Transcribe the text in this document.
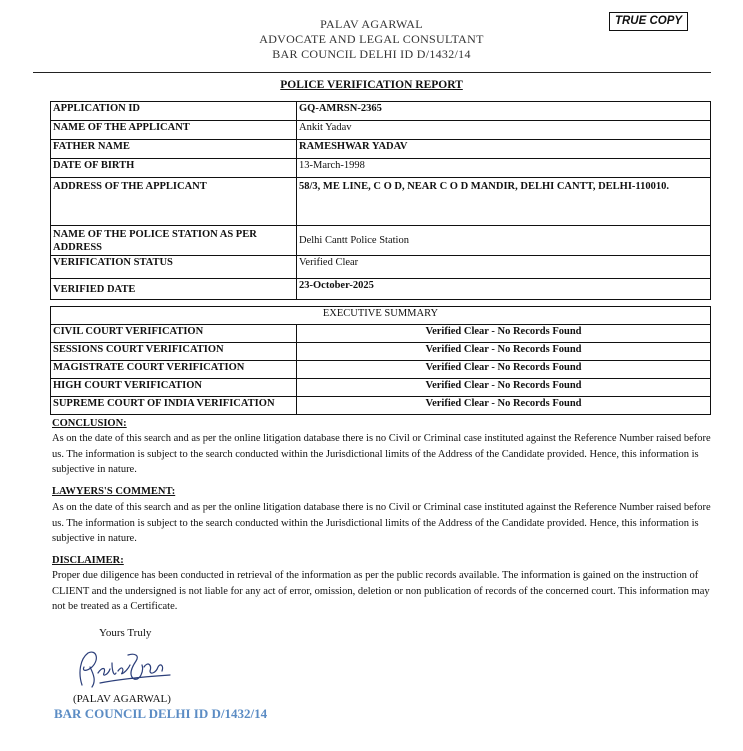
PALAV AGARWAL
ADVOCATE AND LEGAL CONSULTANT
BAR COUNCIL DELHI ID D/1432/14
TRUE COPY
POLICE VERIFICATION REPORT
APPLICATION ID	GQ-AMRSN-2365
NAME OF THE APPLICANT	Ankit Yadav
FATHER NAME	RAMESHWAR YADAV
DATE OF BIRTH	13-March-1998
ADDRESS OF THE APPLICANT	58/3, ME LINE, C O D, NEAR C O D MANDIR, DELHI CANTT, DELHI-110010.
NAME OF THE POLICE STATION AS PER ADDRESS	Delhi Cantt Police Station
VERIFICATION STATUS	Verified Clear
VERIFIED DATE	23-October-2025
EXECUTIVE SUMMARY	
CIVIL COURT VERIFICATION	Verified Clear - No Records Found
SESSIONS COURT VERIFICATION	Verified Clear - No Records Found
MAGISTRATE COURT VERIFICATION	Verified Clear - No Records Found
HIGH COURT VERIFICATION	Verified Clear - No Records Found
SUPREME COURT OF INDIA VERIFICATION	Verified Clear - No Records Found
CONCLUSION:
As on the date of this search and as per the online litigation database there is no Civil or Criminal case instituted against the Reference Number raised before us. The information is subject to the search conducted within the Jurisdictional limits of the Address of the Candidate provided. Hence, this information is subjective in nature.
LAWYERS'S COMMENT:
As on the date of this search and as per the online litigation database there is no Civil or Criminal case instituted against the Reference Number raised before us. The information is subject to the search conducted within the Jurisdictional limits of the Address of the Candidate provided. Hence, this information is subjective in nature.
DISCLAIMER:
Proper due diligence has been conducted in retrieval of the information as per the public records available. The information is gained on the instruction of CLIENT and the undersigned is not liable for any act of error, omission, deletion or non publication of records of the concerned court. This information may not be treated as a Certificate.
Yours Truly
(PALAV AGARWAL)
BAR COUNCIL DELHI ID D/1432/14
